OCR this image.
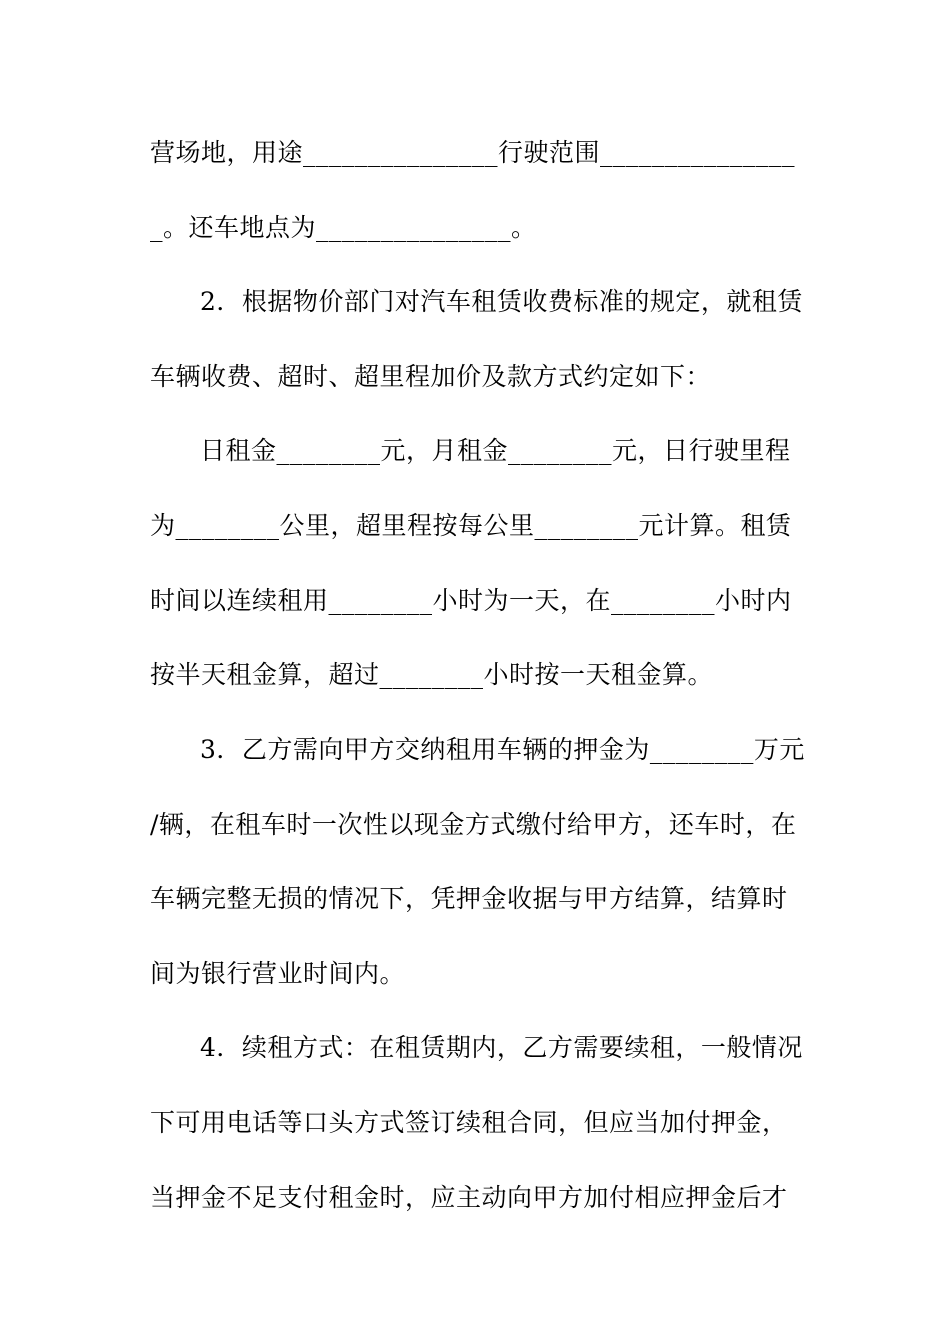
营场地，用途_______________行驶范围_______________
_。还车地点为_______________。
2．根据物价部门对汽车租赁收费标准的规定，就租赁
车辆收费、超时、超里程加价及款方式约定如下：
日租金________元，月租金________元，日行驶里程
为________公里，超里程按每公里________元计算。租赁
时间以连续租用________小时为一天，在________小时内
按半天租金算，超过________小时按一天租金算。
3．乙方需向甲方交纳租用车辆的押金为________万元
/辆，在租车时一次性以现金方式缴付给甲方，还车时，在
车辆完整无损的情况下，凭押金收据与甲方结算，结算时
间为银行营业时间内。
4．续租方式：在租赁期内，乙方需要续租，一般情况
下可用电话等口头方式签订续租合同，但应当加付押金，
当押金不足支付租金时，应主动向甲方加付相应押金后才
